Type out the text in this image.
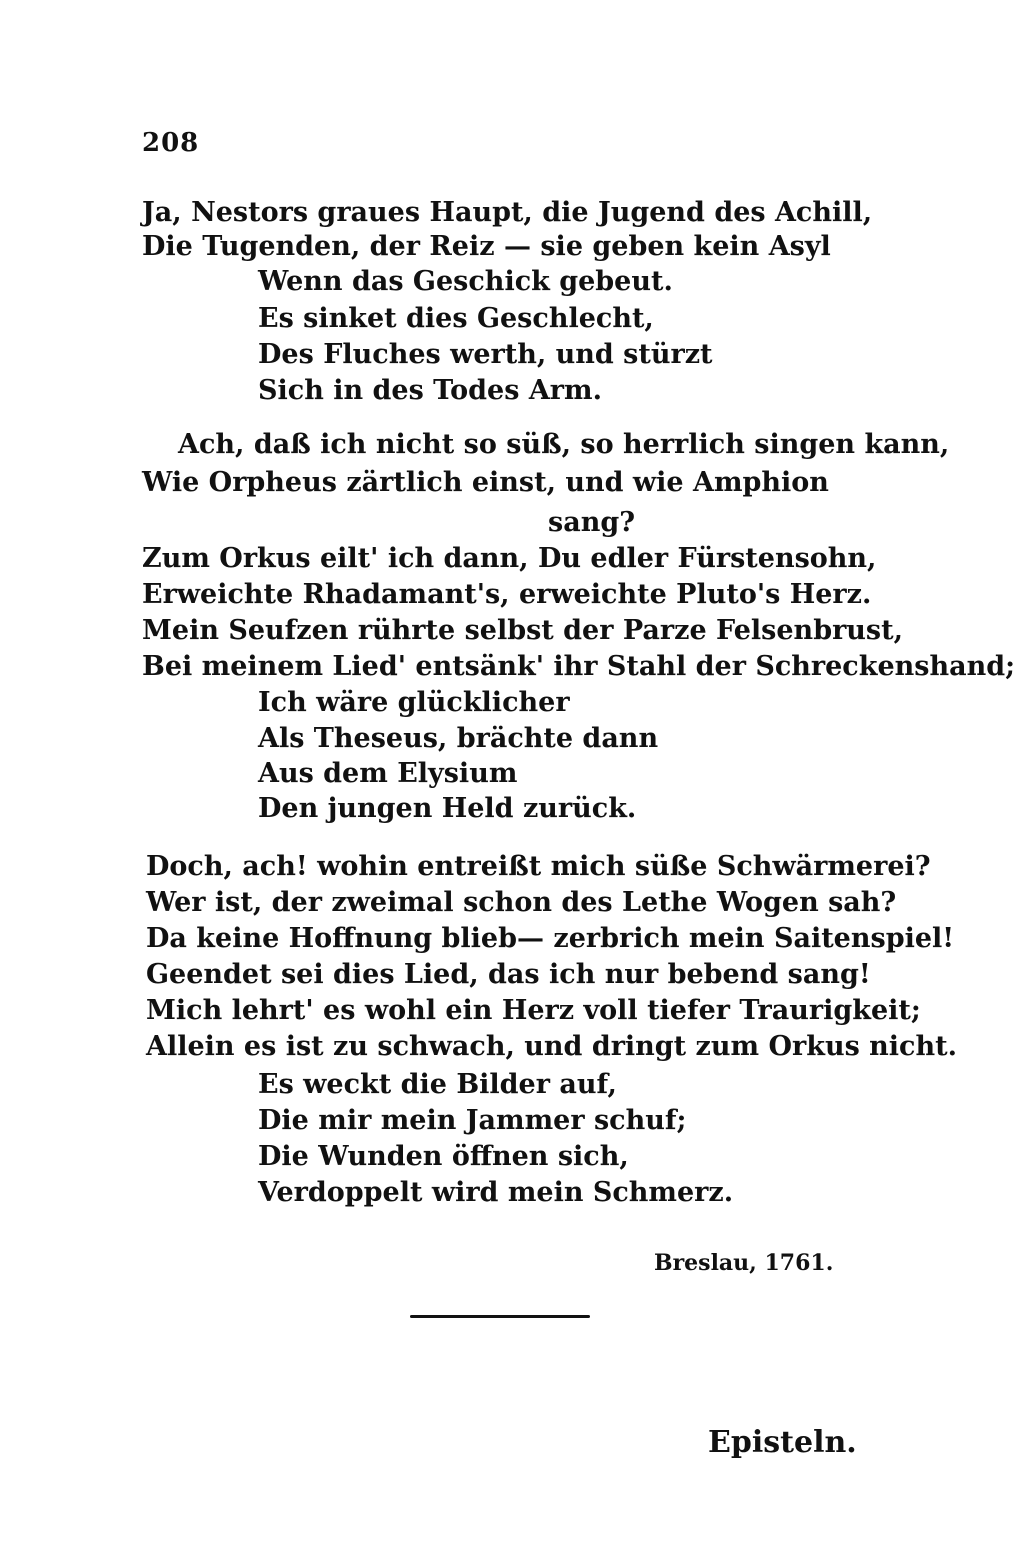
208
Ja, Nestors graues Haupt, die Jugend des Achill,
Die Tugenden, der Reiz — sie geben kein Asyl
Wenn das Geschick gebeut.
Es sinket dies Geschlecht,
Des Fluches werth, und stürzt
Sich in des Todes Arm.
Ach, daß ich nicht so süß, so herrlich singen kann,
Wie Orpheus zärtlich einst, und wie Amphion
sang?
Zum Orkus eilt' ich dann, Du edler Fürstensohn,
Erweichte Rhadamant's, erweichte Pluto's Herz.
Mein Seufzen rührte selbst der Parze Felsenbrust,
Bei meinem Lied' entsänk' ihr Stahl der Schreckenshand;
Ich wäre glücklicher
Als Theseus, brächte dann
Aus dem Elysium
Den jungen Held zurück.
Doch, ach! wohin entreißt mich süße Schwärmerei?
Wer ist, der zweimal schon des Lethe Wogen sah?
Da keine Hoffnung blieb— zerbrich mein Saitenspiel!
Geendet sei dies Lied, das ich nur bebend sang!
Mich lehrt' es wohl ein Herz voll tiefer Traurigkeit;
Allein es ist zu schwach, und dringt zum Orkus nicht.
Es weckt die Bilder auf,
Die mir mein Jammer schuf;
Die Wunden öffnen sich,
Verdoppelt wird mein Schmerz.
Breslau, 1761.
Episteln.
